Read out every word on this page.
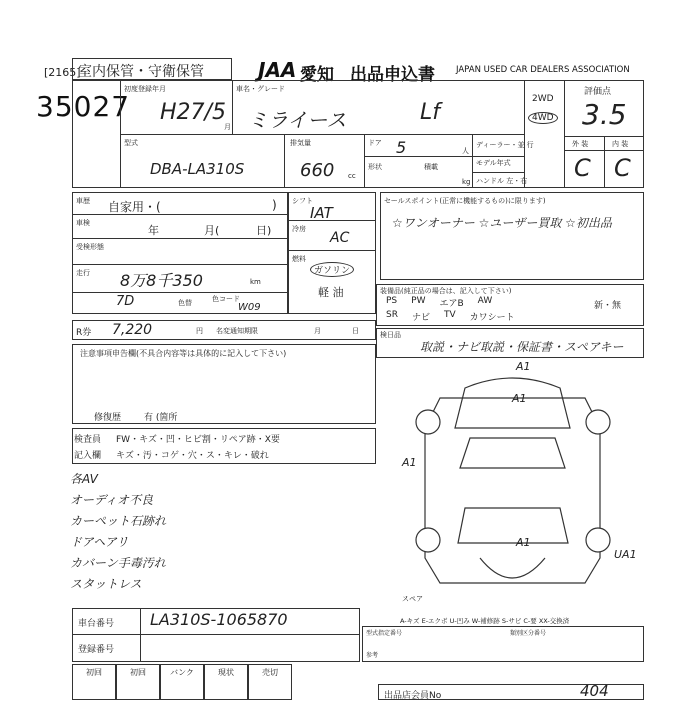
[2165]
35027
室内保管・守衛保管	JAA 愛知 出品申込書 JAPAN USED CAR DEALERS ASSOCIATION
初度登録年月
H27/5
月
車名・グレード
ミライース	Lf
2WD
4WD
評価点
3.5
外 装	内 装
C C
型式
DBA-LA310S
排気量
660 cc
ドア 5	人
形状	積載
kg
ディーラー・並 行
モデル年式
ハンドル 左・右
車歴 自家用・(	)
車検
年	月(	日)
受検形態
走行 8万8千350	km
7D	色替	色コード
W09
シフト
IAT
冷房
AC
燃料
ガソリン
軽 油
R券 7,220	円 名変通知期限	月	日
セールスポイント(正常に機能するもの)に限ります)
☆ワンオーナー ☆ユーザー買取 ☆初出品
装備品(純正品の場合は、記入して下さい)
新・無
PS PW エアB AW
SR ナビ TV カワシート
検日品
取説・ナビ取説・保証書・スペアキー
注意事項申告欄(不具合内容等は具体的に記入して下さい)
修復歴	有 (箇所
検査員
記入欄
FW・キズ・凹・ヒビ割・リペア跡・X要
キズ・汚・コゲ・穴・ス・キレ・破れ
各AV
オーディオ不良
カーペット石跡れ
ドアヘアリ
カバーン手毒汚れ
スタットレス
A1
A1
A1
A1
UA1
スペア
A-キズ E-エクボ U-凹み W-補修跡 S-サビ C-要 XX-交換済
車台番号 LA310S-1065870
登録番号
型式指定番号	類別区分番号
参考
初回	初回	バンク	現状	売切
出品店会員No	404
